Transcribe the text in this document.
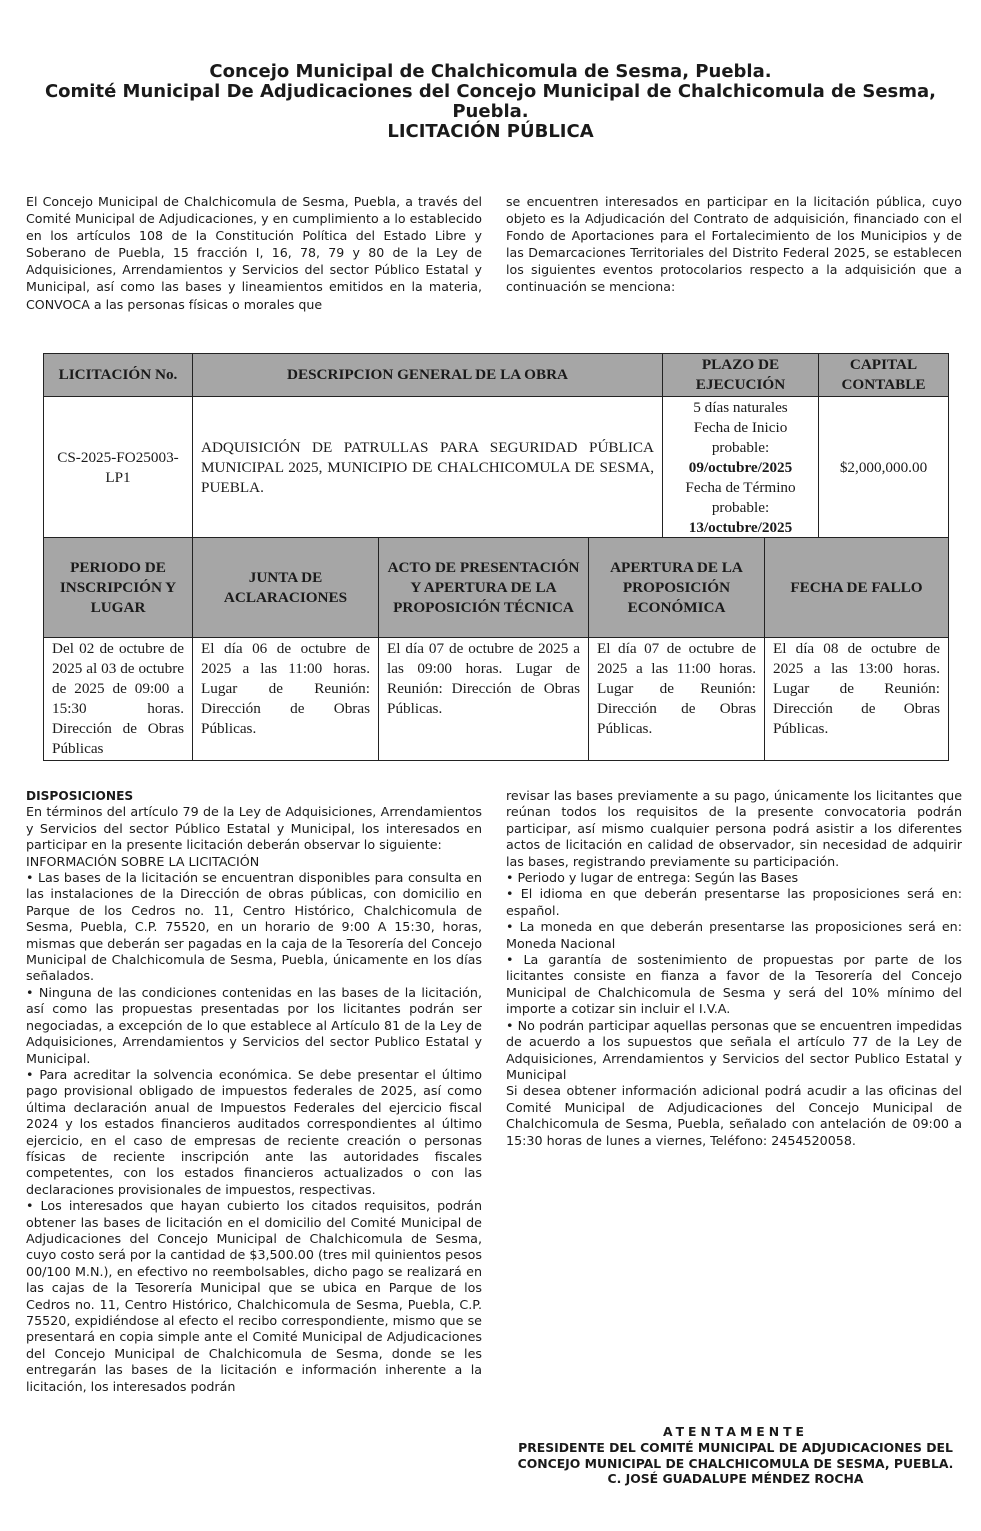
Concejo Municipal de Chalchicomula de Sesma, Puebla.
Comité Municipal De Adjudicaciones del Concejo Municipal de Chalchicomula de Sesma, Puebla.
LICITACIÓN PÚBLICA
El Concejo Municipal de Chalchicomula de Sesma, Puebla, a través del Comité Municipal de Adjudicaciones, y en cumplimiento a lo establecido en los artículos 108 de la Constitución Política del Estado Libre y Soberano de Puebla, 15 fracción I, 16, 78, 79 y 80 de la Ley de Adquisiciones, Arrendamientos y Servicios del sector Público Estatal y Municipal, así como las bases y lineamientos emitidos en la materia, CONVOCA a las personas físicas o morales que
se encuentren interesados en participar en la licitación pública, cuyo objeto es la Adjudicación del Contrato de adquisición, financiado con el Fondo de Aportaciones para el Fortalecimiento de los Municipios y de las Demarcaciones Territoriales del Distrito Federal 2025, se establecen los siguientes eventos protocolarios respecto a la adquisición que a continuación se menciona:
LICITACIÓN No.	DESCRIPCION GENERAL DE LA OBRA	PLAZO DE EJECUCIÓN	CAPITAL CONTABLE
CS-2025-FO25003-LP1	ADQUISICIÓN DE PATRULLAS PARA SEGURIDAD PÚBLICA MUNICIPAL 2025, MUNICIPIO DE CHALCHICOMULA DE SESMA, PUEBLA.	5 días naturales
Fecha de Inicio probable:
09/octubre/2025
Fecha de Término probable:
13/octubre/2025	$2,000,000.00
PERIODO DE INSCRIPCIÓN Y LUGAR	JUNTA DE ACLARACIONES	ACTO DE PRESENTACIÓN Y APERTURA DE LA PROPOSICIÓN TÉCNICA	APERTURA DE LA PROPOSICIÓN ECONÓMICA	FECHA DE FALLO
Del 02 de octubre de 2025 al 03 de octubre de 2025 de 09:00 a 15:30 horas. Dirección de Obras Públicas	El día 06 de octubre de 2025 a las 11:00 horas. Lugar de Reunión: Dirección de Obras Públicas.	El día 07 de octubre de 2025 a las 09:00 horas. Lugar de Reunión: Dirección de Obras Públicas.	El día 07 de octubre de 2025 a las 11:00 horas. Lugar de Reunión: Dirección de Obras Públicas.	El día 08 de octubre de 2025 a las 13:00 horas. Lugar de Reunión: Dirección de Obras Públicas.

DISPOSICIONES

En términos del artículo 79 de la Ley de Adquisiciones, Arrendamientos y Servicios del sector Público Estatal y Municipal, los interesados en participar en la presente licitación deberán observar lo siguiente:

INFORMACIÓN SOBRE LA LICITACIÓN

• Las bases de la licitación se encuentran disponibles para consulta en las instalaciones de la Dirección de obras públicas, con domicilio en Parque de los Cedros no. 11, Centro Histórico, Chalchicomula de Sesma, Puebla, C.P. 75520, en un horario de 9:00 A 15:30, horas, mismas que deberán ser pagadas en la caja de la Tesorería del Concejo Municipal de Chalchicomula de Sesma, Puebla, únicamente en los días señalados.

• Ninguna de las condiciones contenidas en las bases de la licitación, así como las propuestas presentadas por los licitantes podrán ser negociadas, a excepción de lo que establece al Artículo 81 de la Ley de Adquisiciones, Arrendamientos y Servicios del sector Publico Estatal y Municipal.

• Para acreditar la solvencia económica. Se debe presentar el último pago provisional obligado de impuestos federales de 2025, así como última declaración anual de Impuestos Federales del ejercicio fiscal 2024 y los estados financieros auditados correspondientes al último ejercicio, en el caso de empresas de reciente creación o personas físicas de reciente inscripción ante las autoridades fiscales competentes, con los estados financieros actualizados o con las declaraciones provisionales de impuestos, respectivas.

• Los interesados que hayan cubierto los citados requisitos, podrán obtener las bases de licitación en el domicilio del Comité Municipal de Adjudicaciones del Concejo Municipal de Chalchicomula de Sesma, cuyo costo será por la cantidad de $3,500.00 (tres mil quinientos pesos 00/100 M.N.), en efectivo no reembolsables, dicho pago se realizará en las cajas de la Tesorería Municipal que se ubica en Parque de los Cedros no. 11, Centro Histórico, Chalchicomula de Sesma, Puebla, C.P. 75520, expidiéndose al efecto el recibo correspondiente, mismo que se presentará en copia simple ante el Comité Municipal de Adjudicaciones del Concejo Municipal de Chalchicomula de Sesma, donde se les entregarán las bases de la licitación e información inherente a la licitación, los interesados podrán

revisar las bases previamente a su pago, únicamente los licitantes que reúnan todos los requisitos de la presente convocatoria podrán participar, así mismo cualquier persona podrá asistir a los diferentes actos de licitación en calidad de observador, sin necesidad de adquirir las bases, registrando previamente su participación.

• Periodo y lugar de entrega: Según las Bases

• El idioma en que deberán presentarse las proposiciones será en: español.

• La moneda en que deberán presentarse las proposiciones será en: Moneda Nacional

• La garantía de sostenimiento de propuestas por parte de los licitantes consiste en fianza a favor de la Tesorería del Concejo Municipal de Chalchicomula de Sesma y será del 10% mínimo del importe a cotizar sin incluir el I.V.A.

• No podrán participar aquellas personas que se encuentren impedidas de acuerdo a los supuestos que señala el artículo 77 de la Ley de Adquisiciones, Arrendamientos y Servicios del sector Publico Estatal y Municipal

Si desea obtener información adicional podrá acudir a las oficinas del Comité Municipal de Adjudicaciones del Concejo Municipal de Chalchicomula de Sesma, Puebla, señalado con antelación de 09:00 a 15:30 horas de lunes a viernes, Teléfono: 2454520058.

ATENTAMENTE
PRESIDENTE DEL COMITÉ MUNICIPAL DE ADJUDICACIONES DEL CONCEJO MUNICIPAL DE CHALCHICOMULA DE SESMA, PUEBLA.
C. JOSÉ GUADALUPE MÉNDEZ ROCHA
